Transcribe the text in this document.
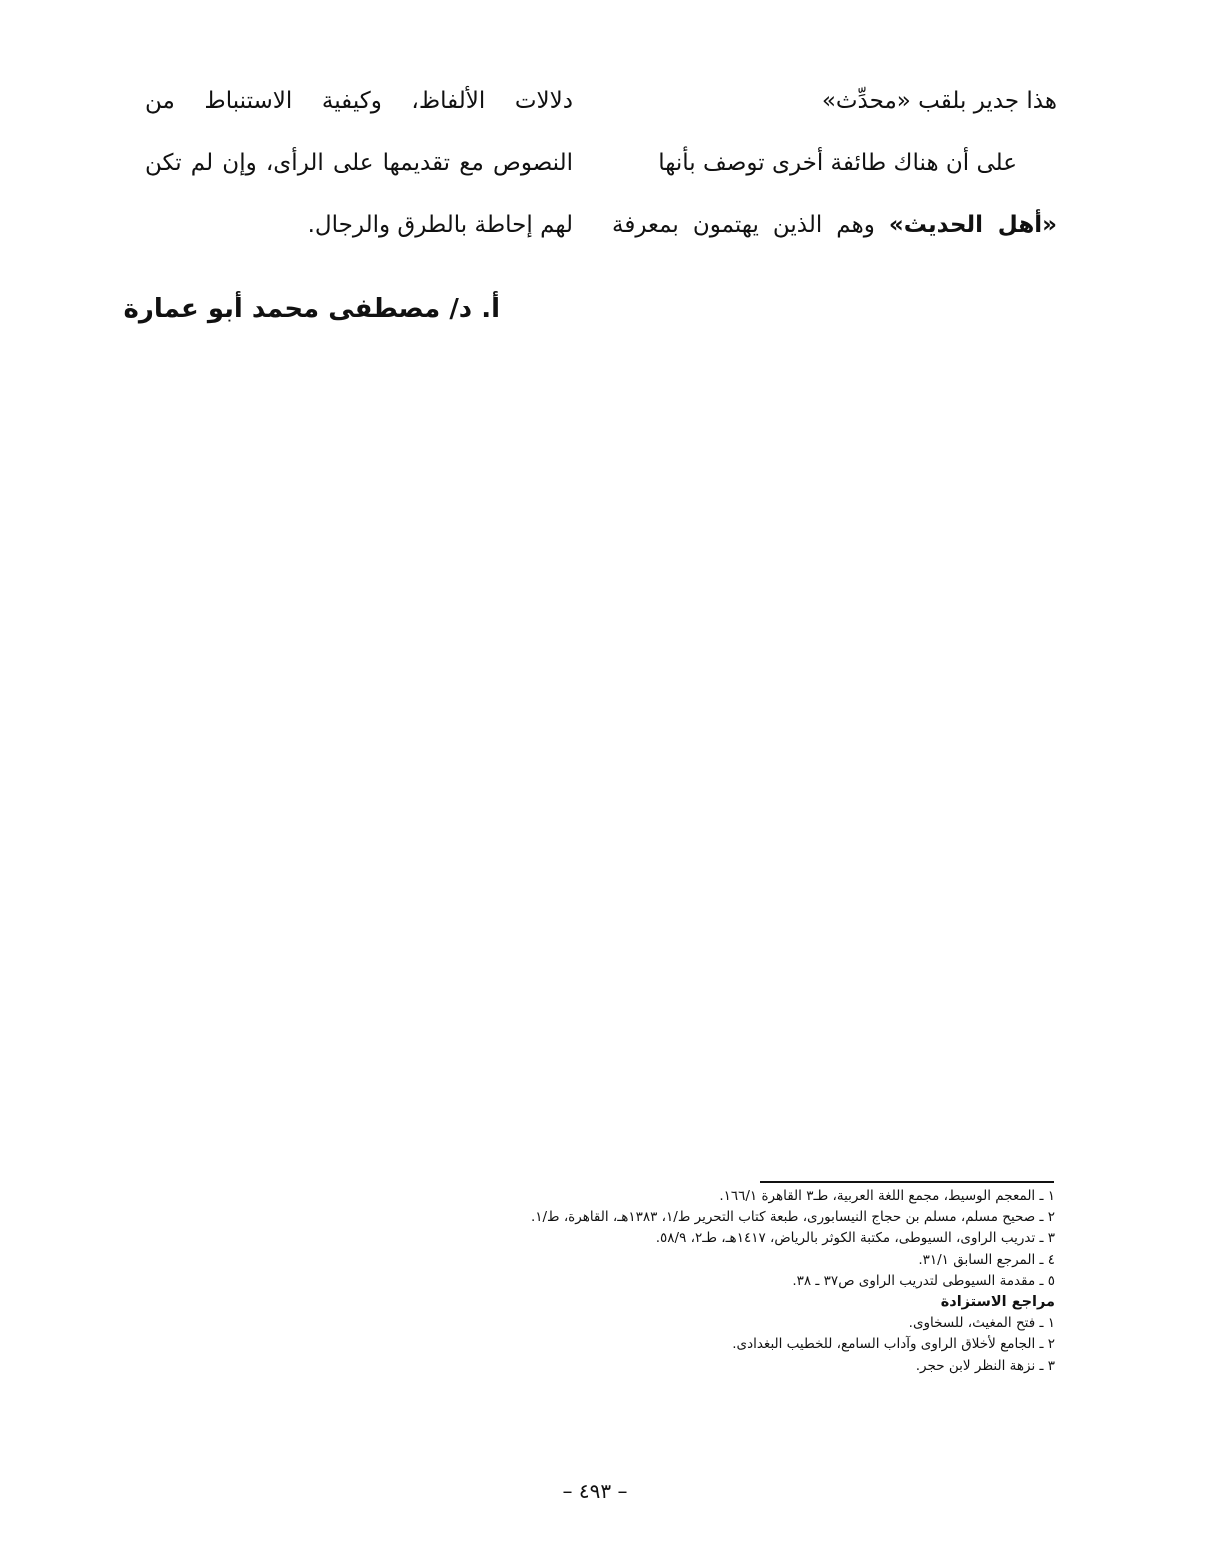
هذا جدير بلقب «محدِّث»
على أن هناك طائفة أخرى توصف بأنها
«أهل الحديث» وهم الذين يهتمون بمعرفة
دلالات الألفاظ، وكيفية الاستنباط من
النصوص مع تقديمها على الرأى، وإن لم تكن
لهم إحاطة بالطرق والرجال.
أ. د/ مصطفى محمد أبو عمارة
١ ـ المعجم الوسيط، مجمع اللغة العربية، طـ٣ القاهرة ١٦٦/١.
٢ ـ صحيح مسلم، مسلم بن حجاج النيسابورى، طبعة كتاب التحرير ط/١، ١٣٨٣هـ، القاهرة، ط/١.
٣ ـ تدريب الراوى، السيوطى، مكتبة الكوثر بالرياض، ١٤١٧هـ، طـ٢، ٥٨/٩.
٤ ـ المرجع السابق ٣١/١.
٥ ـ مقدمة السيوطى لتدريب الراوى ص٣٧ ـ ٣٨.
مراجع الاستزادة
١ ـ فتح المغيث، للسخاوى.
٢ ـ الجامع لأخلاق الراوى وآداب السامع، للخطيب البغدادى.
٣ ـ نزهة النظر لابن حجر.
– ٤٩٣ –
